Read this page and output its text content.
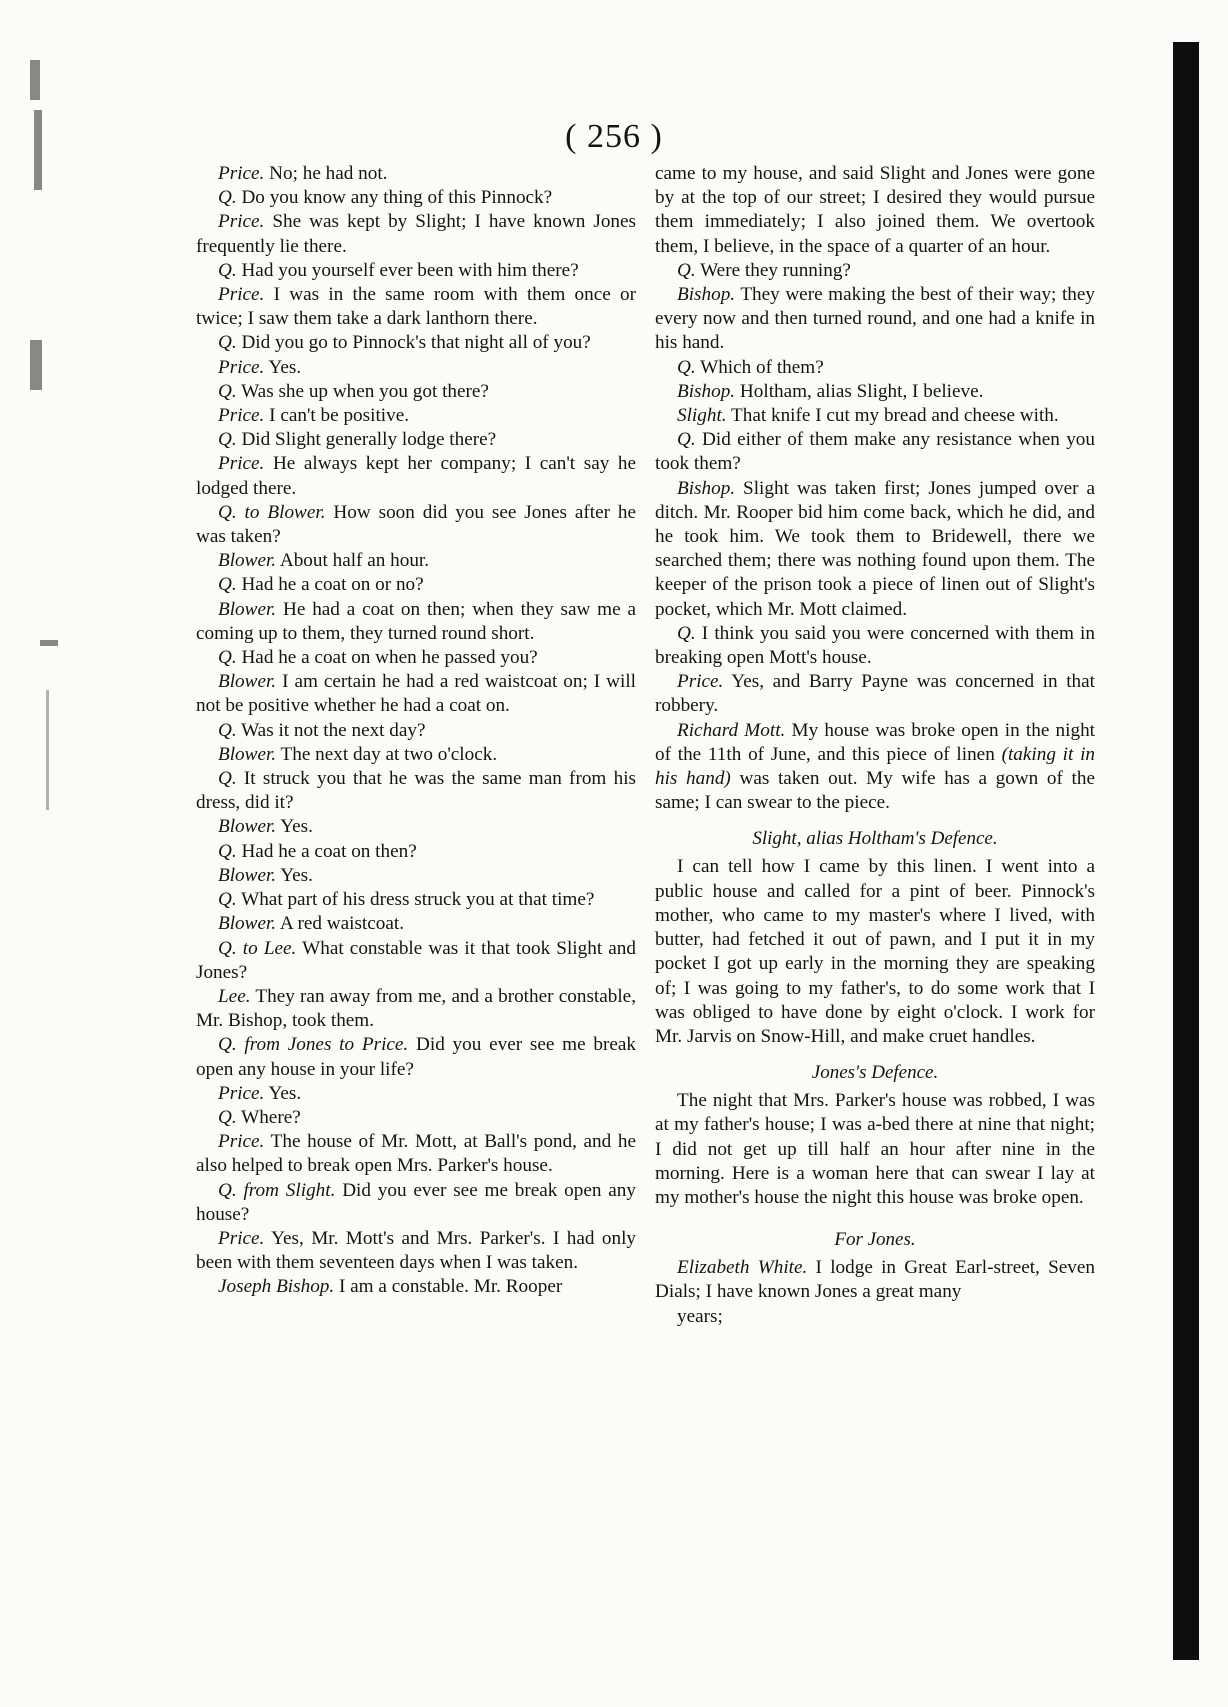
( 256 )

Price. No; he had not.

Q. Do you know any thing of this Pinnock?

Price. She was kept by Slight; I have known Jones frequently lie there.

Q. Had you yourself ever been with him there?

Price. I was in the same room with them once or twice; I saw them take a dark lanthorn there.

Q. Did you go to Pinnock's that night all of you?

Price. Yes.

Q. Was she up when you got there?

Price. I can't be positive.

Q. Did Slight generally lodge there?

Price. He always kept her company; I can't say he lodged there.

Q. to Blower. How soon did you see Jones after he was taken?

Blower. About half an hour.

Q. Had he a coat on or no?

Blower. He had a coat on then; when they saw me a coming up to them, they turned round short.

Q. Had he a coat on when he passed you?

Blower. I am certain he had a red waistcoat on; I will not be positive whether he had a coat on.

Q. Was it not the next day?

Blower. The next day at two o'clock.

Q. It struck you that he was the same man from his dress, did it?

Blower. Yes.

Q. Had he a coat on then?

Blower. Yes.

Q. What part of his dress struck you at that time?

Blower. A red waistcoat.

Q. to Lee. What constable was it that took Slight and Jones?

Lee. They ran away from me, and a brother constable, Mr. Bishop, took them.

Q. from Jones to Price. Did you ever see me break open any house in your life?

Price. Yes.

Q. Where?

Price. The house of Mr. Mott, at Ball's pond, and he also helped to break open Mrs. Parker's house.

Q. from Slight. Did you ever see me break open any house?

Price. Yes, Mr. Mott's and Mrs. Parker's. I had only been with them seventeen days when I was taken.

Joseph Bishop. I am a constable. Mr. Rooper

came to my house, and said Slight and Jones were gone by at the top of our street; I desired they would pursue them immediately; I also joined them. We overtook them, I believe, in the space of a quarter of an hour.

Q. Were they running?

Bishop. They were making the best of their way; they every now and then turned round, and one had a knife in his hand.

Q. Which of them?

Bishop. Holtham, alias Slight, I believe.

Slight. That knife I cut my bread and cheese with.

Q. Did either of them make any resistance when you took them?

Bishop. Slight was taken first; Jones jumped over a ditch. Mr. Rooper bid him come back, which he did, and he took him. We took them to Bridewell, there we searched them; there was nothing found upon them. The keeper of the prison took a piece of linen out of Slight's pocket, which Mr. Mott claimed.

Q. I think you said you were concerned with them in breaking open Mott's house.

Price. Yes, and Barry Payne was concerned in that robbery.

Richard Mott. My house was broke open in the night of the 11th of June, and this piece of linen (taking it in his hand) was taken out. My wife has a gown of the same; I can swear to the piece.

Slight, alias Holtham's Defence.

I can tell how I came by this linen. I went into a public house and called for a pint of beer. Pinnock's mother, who came to my master's where I lived, with butter, had fetched it out of pawn, and I put it in my pocket I got up early in the morning they are speaking of; I was going to my father's, to do some work that I was obliged to have done by eight o'clock. I work for Mr. Jarvis on Snow-Hill, and make cruet handles.

Jones's Defence.

The night that Mrs. Parker's house was robbed, I was at my father's house; I was a-bed there at nine that night; I did not get up till half an hour after nine in the morning. Here is a woman here that can swear I lay at my mother's house the night this house was broke open.

For Jones.

Elizabeth White. I lodge in Great Earl-street, Seven Dials; I have known Jones a great many

years;
